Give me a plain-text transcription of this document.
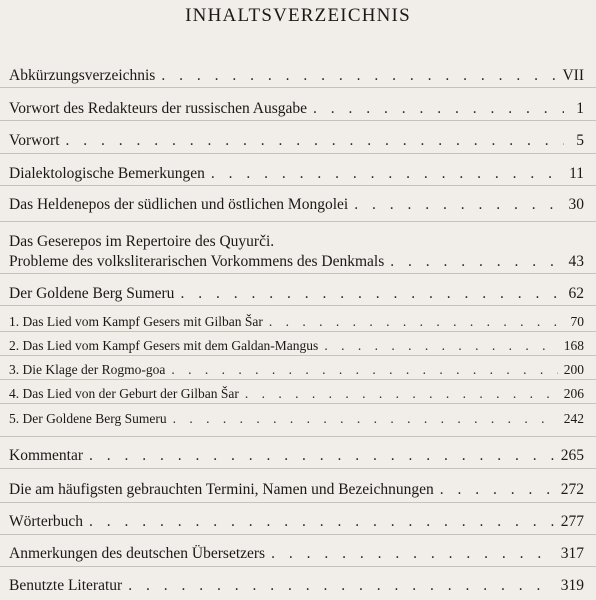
INHALTSVERZEICHNIS
Abkürzungsverzeichnis . . .	VII
Vorwort des Redakteurs der russischen Ausgabe . . .	1
Vorwort . . .	5
Dialektologische Bemerkungen . . .	11
Das Heldenepos der südlichen und östlichen Mongolei . . .	30
Das Geserepos im Repertoire des Quyurči.
Probleme des volksliterarischen Vorkommens des Denkmals . . .	43
Der Goldene Berg Sumeru . . .	62
1. Das Lied vom Kampf Gesers mit Gilban Šar . . .	70
2. Das Lied vom Kampf Gesers mit dem Galdan-Mangus . . .	168
3. Die Klage der Rogmo-goa . . .	200
4. Das Lied von der Geburt der Gilban Šar . . .	206
5. Der Goldene Berg Sumeru . . .	242
Kommentar . . .	265
Die am häufigsten gebrauchten Termini, Namen und Bezeichnungen . . .	272
Wörterbuch . . .	277
Anmerkungen des deutschen Übersetzers . . .	317
Benutzte Literatur . . .	319
